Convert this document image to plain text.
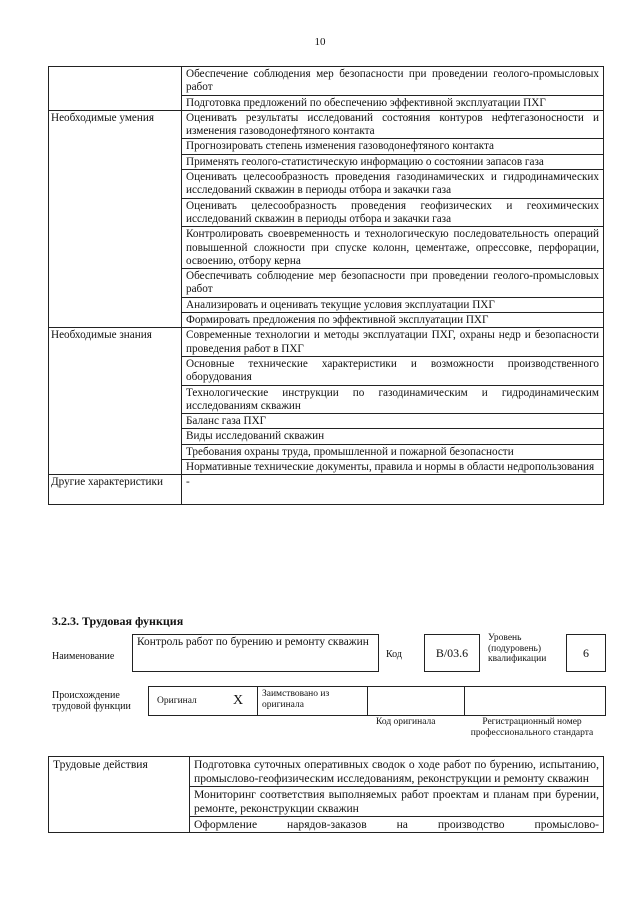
10
	Обеспечение соблюдения мер безопасности при проведении геолого-промысловых работ
	Подготовка предложений по обеспечению эффективной эксплуатации ПХГ
Необходимые умения	Оценивать результаты исследований состояния контуров нефтегазоносности и изменения газоводонефтяного контакта
	Прогнозировать степень изменения газоводонефтяного контакта
	Применять геолого-статистическую информацию о состоянии запасов газа
	Оценивать целесообразность проведения газодинамических и гидродинамических исследований скважин в периоды отбора и закачки газа
	Оценивать целесообразность проведения геофизических и геохимических исследований скважин в периоды отбора и закачки газа
	Контролировать своевременность и технологическую последовательность операций повышенной сложности при спуске колонн, цементаже, опрессовке, перфорации, освоению, отбору керна
	Обеспечивать соблюдение мер безопасности при проведении геолого-промысловых работ
	Анализировать и оценивать текущие условия эксплуатации ПХГ
	Формировать предложения по эффективной эксплуатации ПХГ
Необходимые знания	Современные технологии и методы эксплуатации ПХГ, охраны недр и безопасности проведения работ в ПХГ
	Основные технические характеристики и возможности производственного оборудования
	Технологические инструкции по газодинамическим и гидродинамическим исследованиям скважин
	Баланс газа ПХГ
	Виды исследований скважин
	Требования охраны труда, промышленной и пожарной безопасности
	Нормативные технические документы, правила и нормы в области недропользования
Другие характеристики	-
3.2.3. Трудовая функция
Наименование
Контроль работ по бурению и ремонту скважин
Код	В/03.6
Уровень (подуровень) квалификации	6
Происхождение трудовой функции	Оригинал	X	Заимствовано из оригинала
Код оригинала	Регистрационный номер профессионального стандарта
Трудовые действия	Подготовка суточных оперативных сводок о ходе работ по бурению, испытанию, промыслово-геофизическим исследованиям, реконструкции и ремонту скважин
Мониторинг соответствия выполняемых работ проектам и планам при бурении, ремонте, реконструкции скважин
Оформление нарядов-заказов на производство промыслово-
